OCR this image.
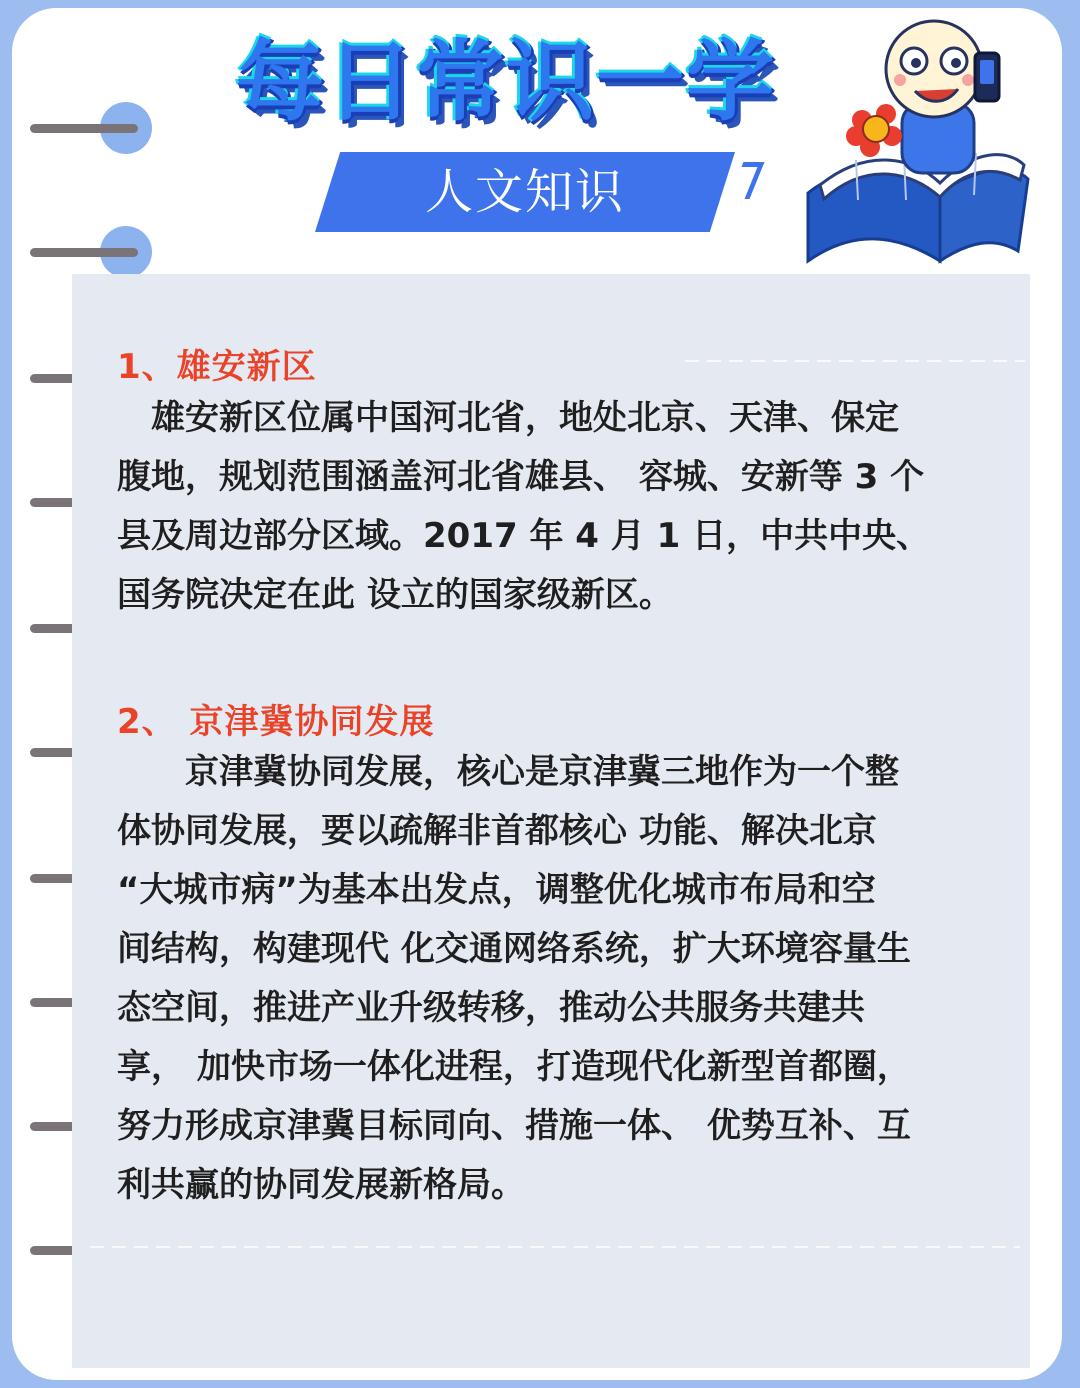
每日常识一学
人文知识
1、雄安新区
　雄安新区位属中国河北省，地处北京、天津、保定
腹地，规划范围涵盖河北省雄县、 容城、安新等 3 个
县及周边部分区域。2017 年 4 月 1 日，中共中央、
国务院决定在此 设立的国家级新区。
2、 京津冀协同发展
　　京津冀协同发展，核心是京津冀三地作为一个整
体协同发展，要以疏解非首都核心 功能、解决北京
“大城市病”为基本出发点，调整优化城市布局和空
间结构，构建现代 化交通网络系统，扩大环境容量生
态空间，推进产业升级转移，推动公共服务共建共
享， 加快市场一体化进程，打造现代化新型首都圈，
努力形成京津冀目标同向、措施一体、 优势互补、互
利共赢的协同发展新格局。
